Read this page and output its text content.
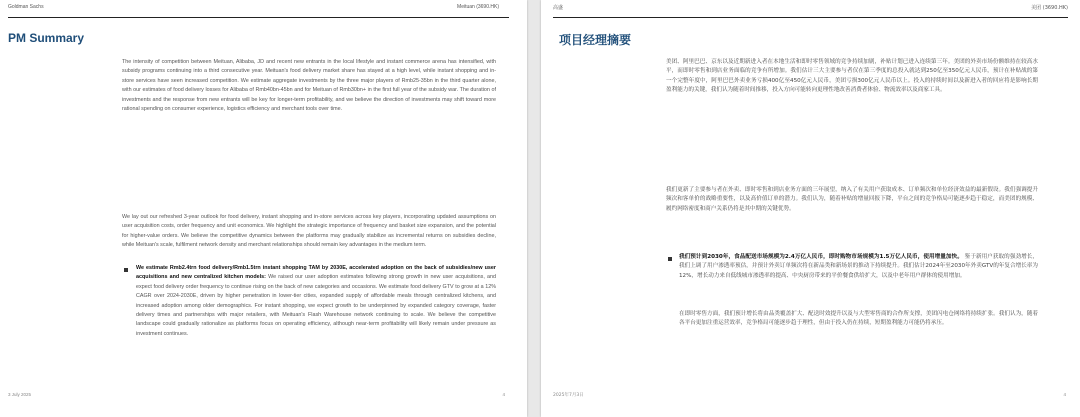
Goldman Sachs	Meituan (3690.HK)
PM Summary

The intensity of competition between Meituan, Alibaba, JD and recent new entrants in the local lifestyle and instant commerce arena has intensified, with subsidy programs continuing into a third consecutive year. Meituan's food delivery market share has stayed at a high level, while instant shopping and in-store services have seen increased competition. We estimate aggregate investments by the three major players of Rmb25-35bn in the third quarter alone, with our estimates of food delivery losses for Alibaba of Rmb40bn-45bn and for Meituan of Rmb30bn+ in the first full year of the subsidy war. The duration of investments and the response from new entrants will be key for longer-term profitability, and we believe the direction of investments may shift toward more rational spending on consumer experience, logistics efficiency and merchant tools over time.

We lay out our refreshed 3-year outlook for food delivery, instant shopping and in-store services across key players, incorporating updated assumptions on user acquisition costs, order frequency and unit economics. We highlight the strategic importance of frequency and basket size expansion, and the potential for higher-value orders. We believe the competitive dynamics between the platforms may gradually stabilize as incremental returns on subsidies decline, while Meituan's scale, fulfilment network density and merchant relationships should remain key advantages in the medium term.

We estimate Rmb2.4trn food delivery/Rmb1.5trn instant shopping TAM by 2030E, accelerated adoption on the back of subsidies/new user acquisitions and new centralized kitchen models: We raised our user adoption estimates following strong growth in new user acquisitions, and expect food delivery order frequency to continue rising on the back of new categories and occasions. We estimate food delivery GTV to grow at a 12% CAGR over 2024-2030E, driven by higher penetration in lower-tier cities, expanded supply of affordable meals through centralized kitchens, and increased adoption among older demographics. For instant shopping, we expect growth to be underpinned by expanded category coverage, faster delivery times and partnerships with major retailers, with Meituan's Flash Warehouse network continuing to scale. We believe the competitive landscape could gradually rationalize as platforms focus on operating efficiency, although near-term profitability will likely remain under pressure as investment continues.

3 July 2025	4
高盛	美团 (3690.HK)
项目经理摘要

美团、阿里巴巴、京东以及近期新进入者在本地生活和即时零售领域的竞争持续加剧，补贴计划已进入连续第三年。美团的外卖市场份额维持在较高水平，而即时零售和到店业务面临的竞争有所增加。我们估计三大主要参与者仅在第三季度的总投入就达到250亿至350亿元人民币，预计在补贴战的第一个完整年度中，阿里巴巴外卖业务亏损400亿至450亿元人民币，美团亏损300亿元人民币以上。投入的持续时间以及新进入者的回应将是影响长期盈利能力的关键，我们认为随着时间推移，投入方向可能转向更理性地改善消费者体验、物流效率以及商家工具。

我们更新了主要参与者在外卖、即时零售和到店业务方面的三年展望，纳入了有关用户获取成本、订单频次和单位经济效益的最新假设。我们强调提升频次和客单价的战略重要性，以及高价值订单的潜力。我们认为，随着补贴的增量回报下降，平台之间的竞争格局可能逐步趋于稳定，而美团的规模、履约网络密度和商户关系仍将是其中期的关键优势。

我们预计到2030年，食品配送市场规模为2.4万亿人民币，即时购物市场规模为1.5万亿人民币，使用增量加快。 鉴于新用户获取的强劲增长，我们上调了用户渗透率预估，并预计外卖订单频次将在新品类和新场景的推动下持续提升。我们估计2024年至2030年外卖GTV的年复合增长率为12%，增长动力来自低线城市渗透率的提高、中央厨房带来的平价餐食供给扩大，以及中老年用户群体的使用增加。

在即时零售方面，我们预计增长将由品类覆盖扩大、配送时效提升以及与大型零售商的合作所支撑，美团闪电仓网络将持续扩张。我们认为，随着各平台更加注重运营效率，竞争格局可能逐步趋于理性，但由于投入仍在持续，短期盈利能力可能仍将承压。

2025年7月3日	4
